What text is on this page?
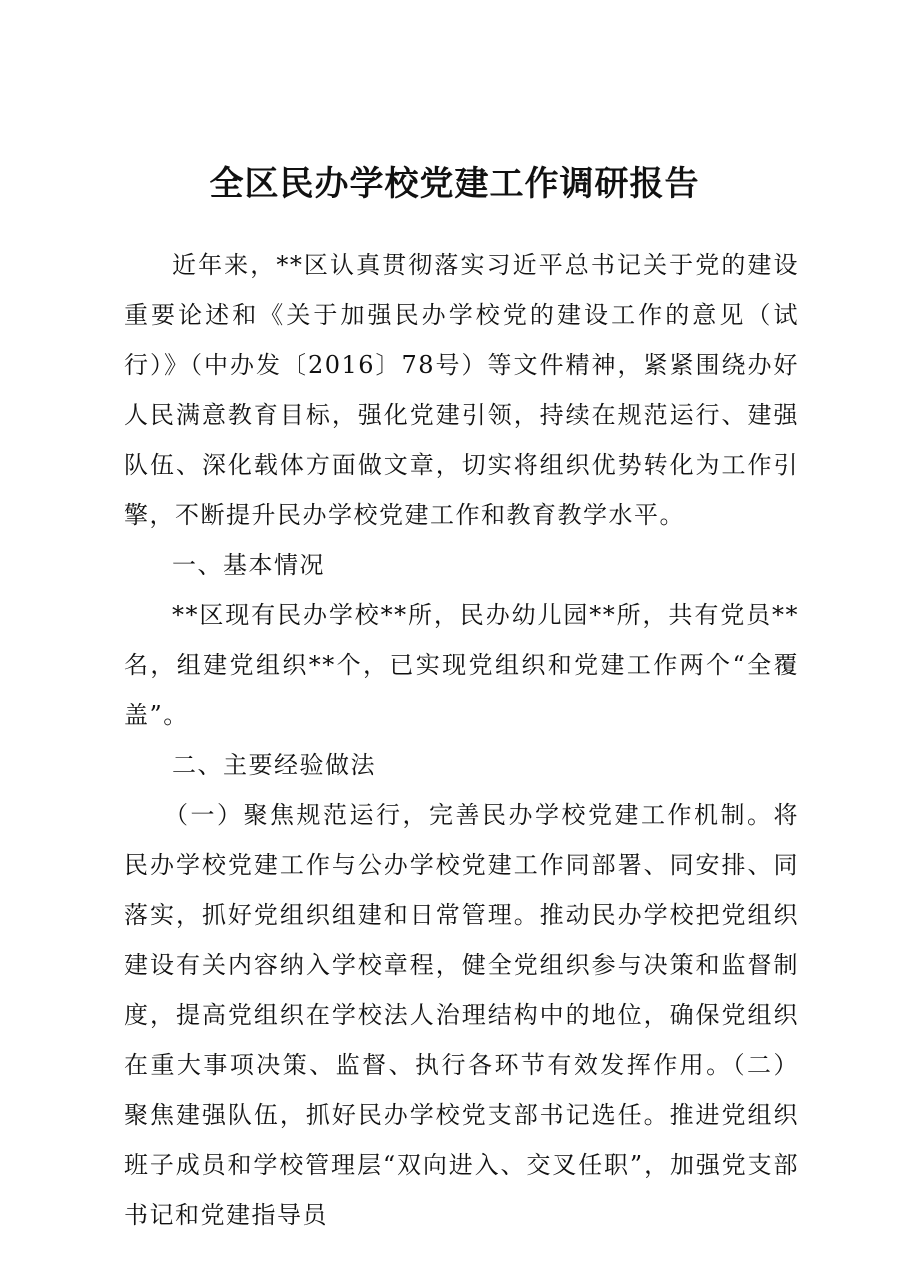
全区民办学校党建工作调研报告

近年来，**区认真贯彻落实习近平总书记关于党的建设重要论述和《关于加强民办学校党的建设工作的意见（试行）》（中办发〔2016〕78号）等文件精神，紧紧围绕办好人民满意教育目标，强化党建引领，持续在规范运行、建强队伍、深化载体方面做文章，切实将组织优势转化为工作引擎，不断提升民办学校党建工作和教育教学水平。

一、基本情况

**区现有民办学校**所，民办幼儿园**所，共有党员**名，组建党组织**个，已实现党组织和党建工作两个“全覆盖”。

二、主要经验做法

（一）聚焦规范运行，完善民办学校党建工作机制。将民办学校党建工作与公办学校党建工作同部署、同安排、同落实，抓好党组织组建和日常管理。推动民办学校把党组织建设有关内容纳入学校章程，健全党组织参与决策和监督制度，提高党组织在学校法人治理结构中的地位，确保党组织在重大事项决策、监督、执行各环节有效发挥作用。（二）聚焦建强队伍，抓好民办学校党支部书记选任。推进党组织班子成员和学校管理层“双向进入、交叉任职”，加强党支部书记和党建指导员
